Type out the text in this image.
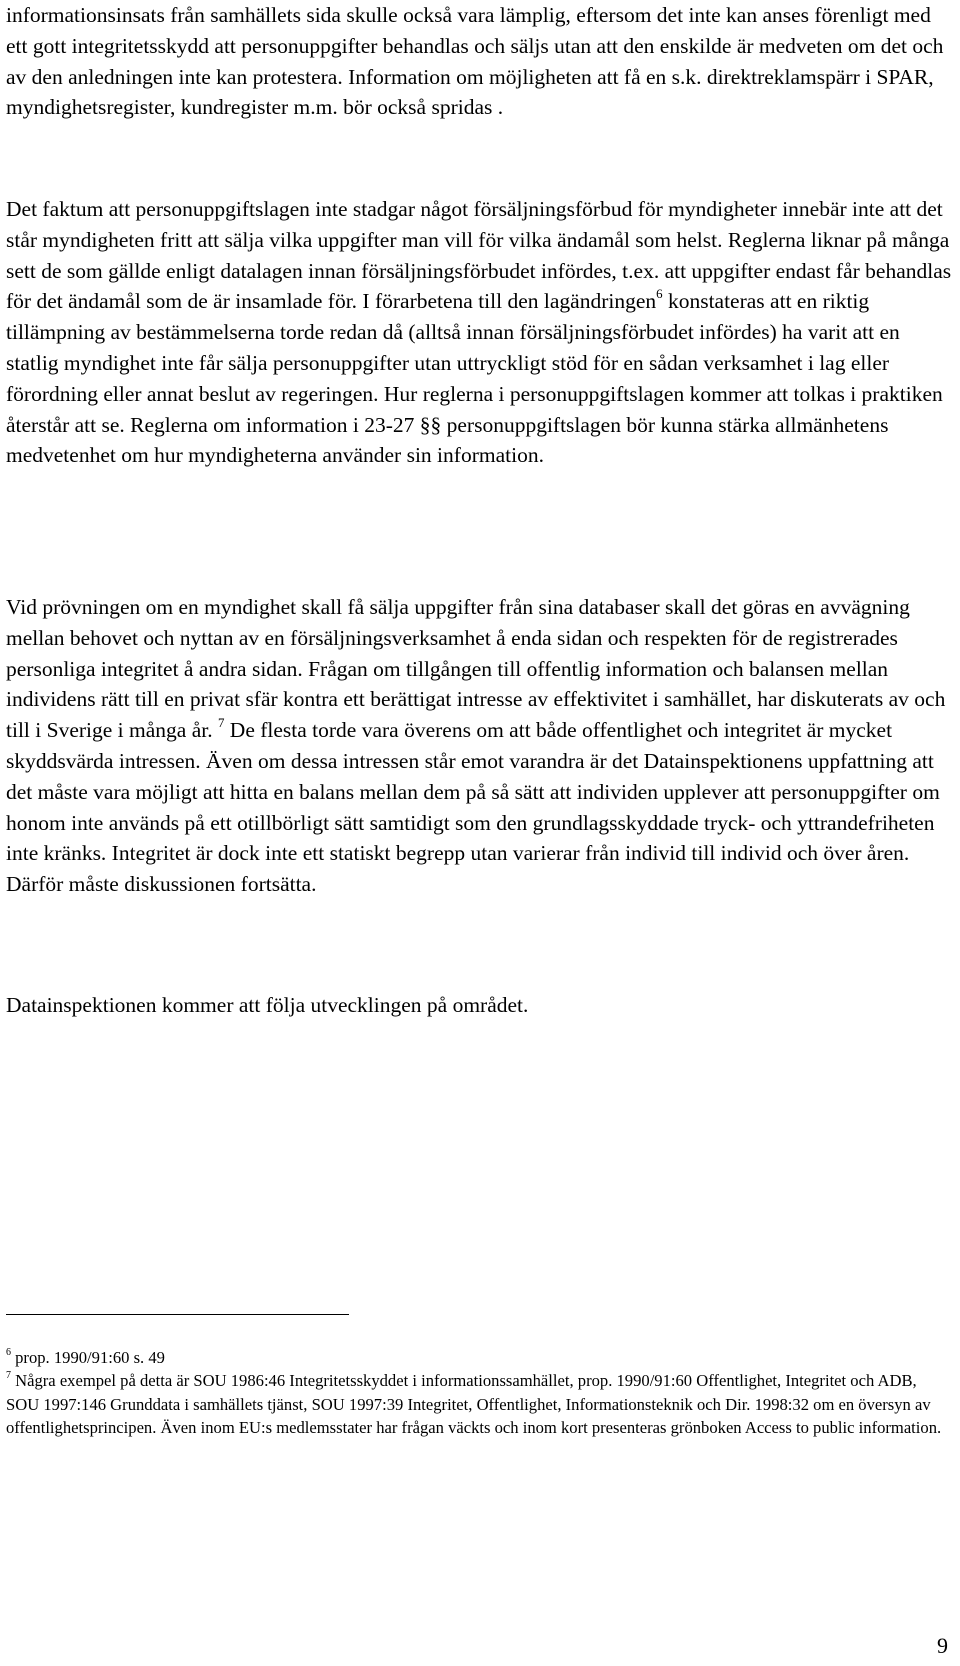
informationsinsats från samhällets sida skulle också vara lämplig, eftersom det inte kan anses förenligt med ett gott integritetsskydd att personuppgifter behandlas och säljs utan att den enskilde är medveten om det och av den anledningen inte kan protestera. Information om möjligheten att få en s.k. direktreklamspärr i SPAR, myndighetsregister, kundregister m.m. bör också spridas .

Det faktum att personuppgiftslagen inte stadgar något försäljningsförbud för myndigheter innebär inte att det står myndigheten fritt att sälja vilka uppgifter man vill för vilka ändamål som helst. Reglerna liknar på många sett de som gällde enligt datalagen innan försäljningsförbudet infördes, t.ex. att uppgifter endast får behandlas för det ändamål som de är insamlade för. I förarbetena till den lagändringen$^6$ konstateras att en riktig tillämpning av bestämmelserna torde redan då (alltså innan försäljningsförbudet infördes) ha varit att en statlig myndighet inte får sälja personuppgifter utan uttryckligt stöd för en sådan verksamhet i lag eller förordning eller annat beslut av regeringen. Hur reglerna i personuppgiftslagen kommer att tolkas i praktiken återstår att se. Reglerna om information i 23-27 §§ personuppgiftslagen bör kunna stärka allmänhetens medvetenhet om hur myndigheterna använder sin information.

Vid prövningen om en myndighet skall få sälja uppgifter från sina databaser skall det göras en avvägning mellan behovet och nyttan av en försäljningsverksamhet å enda sidan och respekten för de registrerades personliga integritet å andra sidan. Frågan om tillgången till offentlig information och balansen mellan individens rätt till en privat sfär kontra ett berättigat intresse av effektivitet i samhället, har diskuterats av och till i Sverige i många år. $^7$ De flesta torde vara överens om att både offentlighet och integritet är mycket skyddsvärda intressen. Även om dessa intressen står emot varandra är det Datainspektionens uppfattning att det måste vara möjligt att hitta en balans mellan dem på så sätt att individen upplever att personuppgifter om honom inte används på ett otillbörligt sätt samtidigt som den grundlagsskyddade tryck- och yttrandefriheten inte kränks. Integritet är dock inte ett statiskt begrepp utan varierar från individ till individ och över åren. Därför måste diskussionen fortsätta.

Datainspektionen kommer att följa utvecklingen på området.

$^6$ prop. 1990/91:60 s. 49

$^7$ Några exempel på detta är SOU 1986:46 Integritetsskyddet i informationssamhället, prop. 1990/91:60 Offentlighet, Integritet och ADB, SOU 1997:146 Grunddata i samhällets tjänst, SOU 1997:39 Integritet, Offentlighet, Informationsteknik och Dir. 1998:32 om en översyn av offentlighetsprincipen. Även inom EU:s medlemsstater har frågan väckts och inom kort presenteras grönboken Access to public information.

9
